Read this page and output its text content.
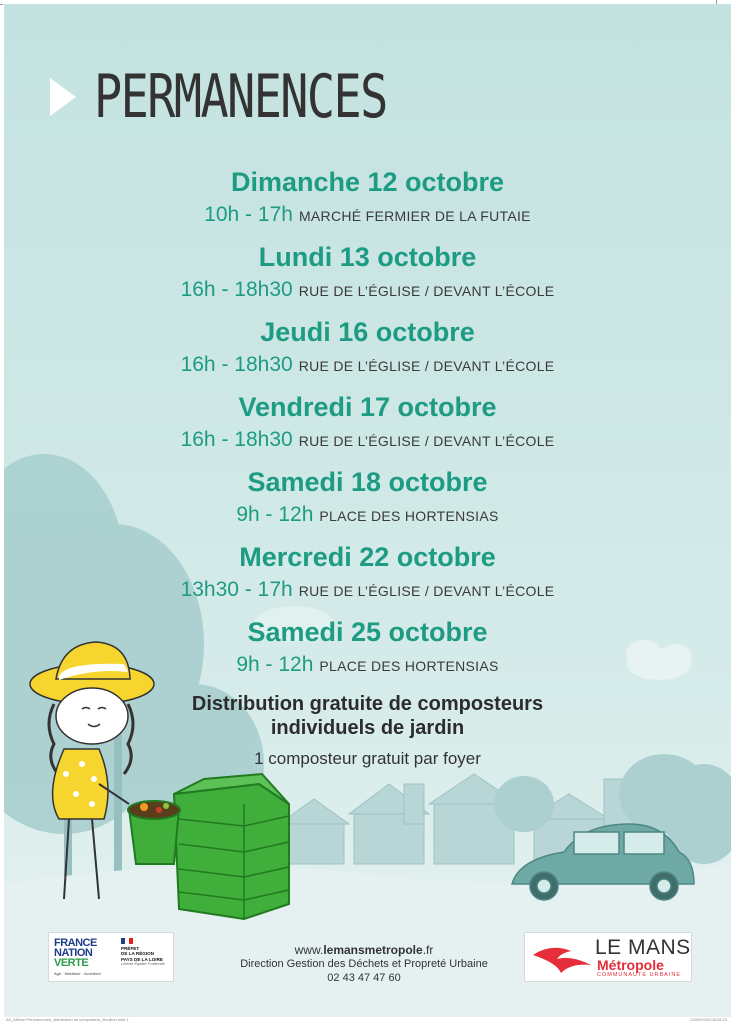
PERMANENCES
Dimanche 12 octobre
10h - 17h MARCHÉ FERMIER DE LA FUTAIE
Lundi 13 octobre
16h - 18h30 RUE DE L’ÉGLISE / DEVANT L’ÉCOLE
Jeudi 16 octobre
16h - 18h30 RUE DE L’ÉGLISE / DEVANT L’ÉCOLE
Vendredi 17 octobre
16h - 18h30 RUE DE L’ÉGLISE / DEVANT L’ÉCOLE
Samedi 18 octobre
9h - 12h PLACE DES HORTENSIAS
Mercredi 22 octobre
13h30 - 17h RUE DE L’ÉGLISE / DEVANT L’ÉCOLE
Samedi 25 octobre
9h - 12h PLACE DES HORTENSIAS
Distribution gratuite de composteurs
individuels de jardin
1 composteur gratuit par foyer
FRANCE
NATION
VERTE
Agir · Mobiliser · Accélérer
PRÉFET
DE LA RÉGION
PAYS DE LA LOIRE
Liberté Égalité Fraternité
www.lemansmetropole.fr
Direction Gestion des Déchets et Propreté Urbaine
02 43 47 47 60
LE MANS
Métropole
COMMUNAUTÉ URBAINE
A3_Affiche Permanences_distribution de composteur_Bouillon.indd 1	23/09/2025 08:28:23
